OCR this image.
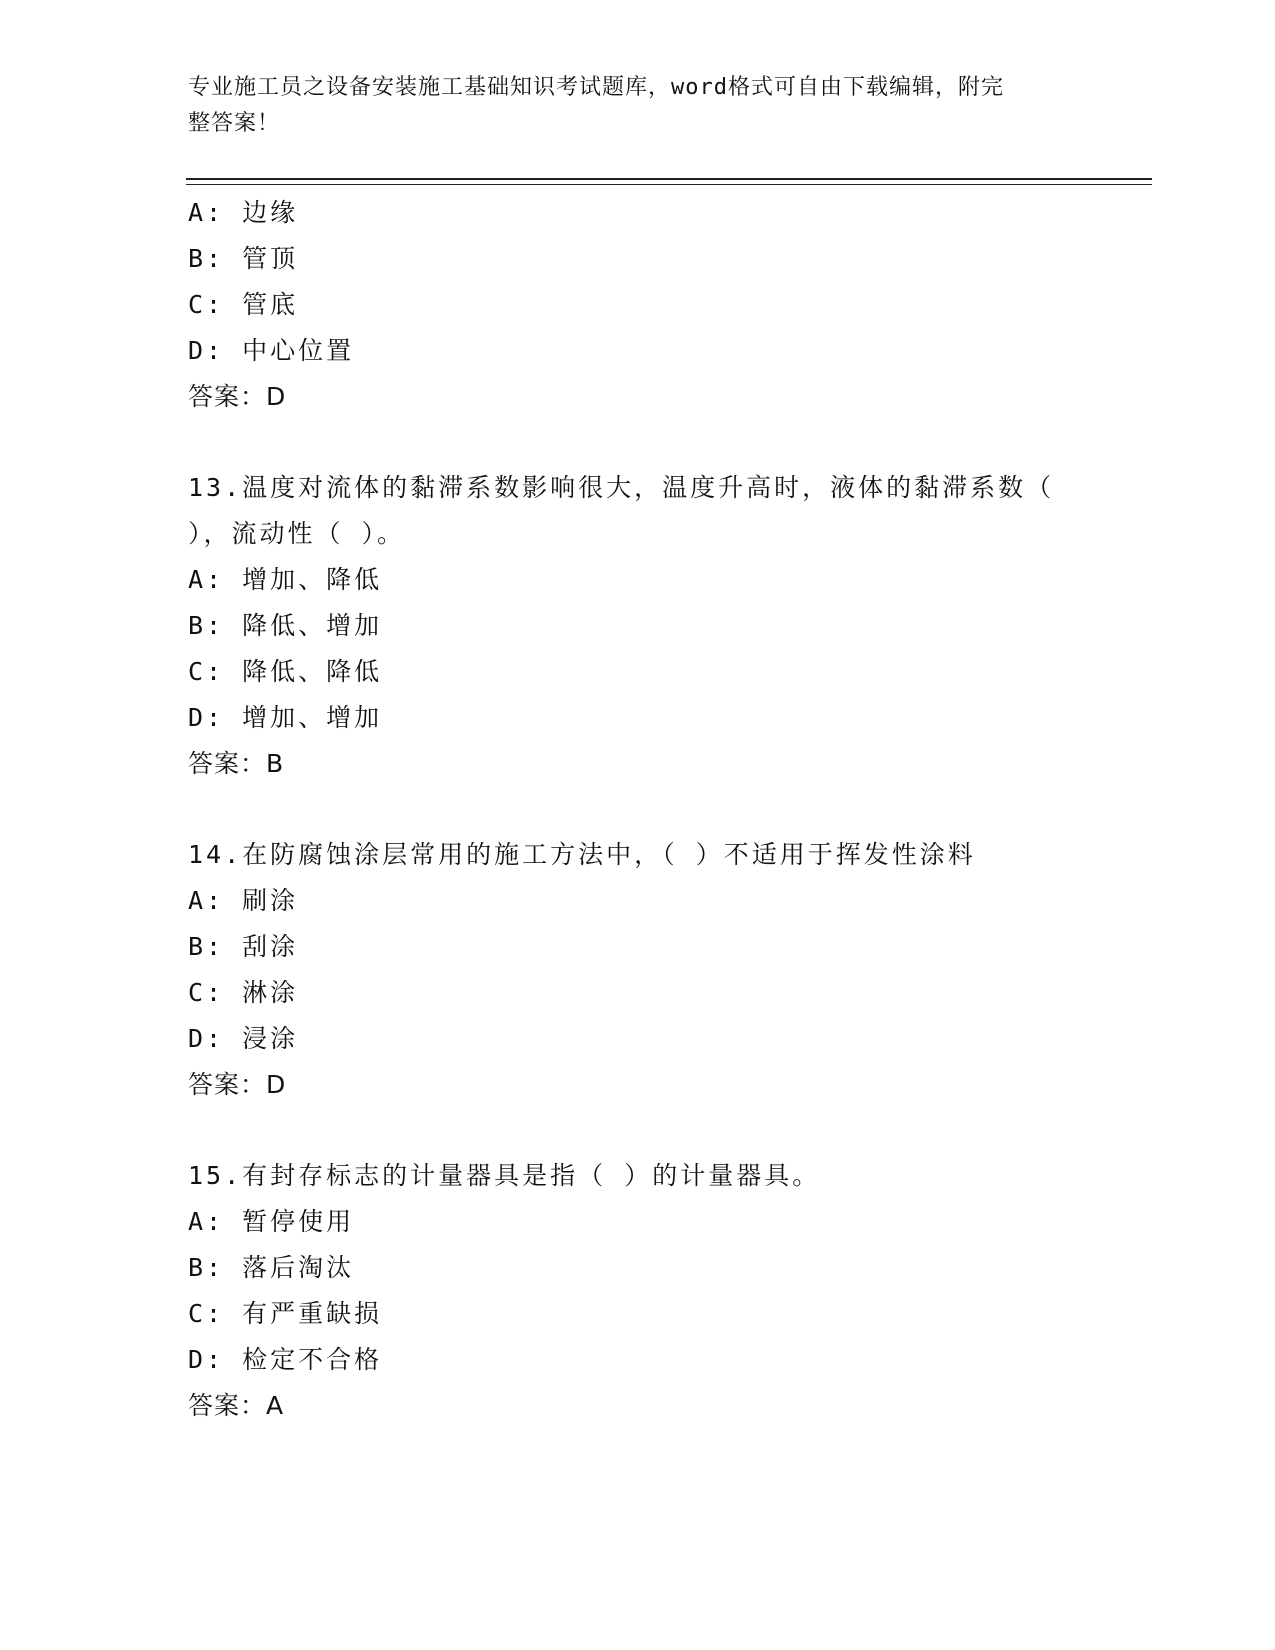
专业施工员之设备安装施工基础知识考试题库，word格式可自由下载编辑，附完
整答案！
A: 边缘
B: 管顶
C: 管底
D: 中心位置
答案：D
13.温度对流体的黏滞系数影响很大，温度升高时，液体的黏滞系数（
），流动性（ ）。
A: 增加、降低
B: 降低、增加
C: 降低、降低
D: 增加、增加
答案：B
14.在防腐蚀涂层常用的施工方法中，（ ）不适用于挥发性涂料
A: 刷涂
B: 刮涂
C: 淋涂
D: 浸涂
答案：D
15.有封存标志的计量器具是指（ ）的计量器具。
A: 暂停使用
B: 落后淘汰
C: 有严重缺损
D: 检定不合格
答案：A
